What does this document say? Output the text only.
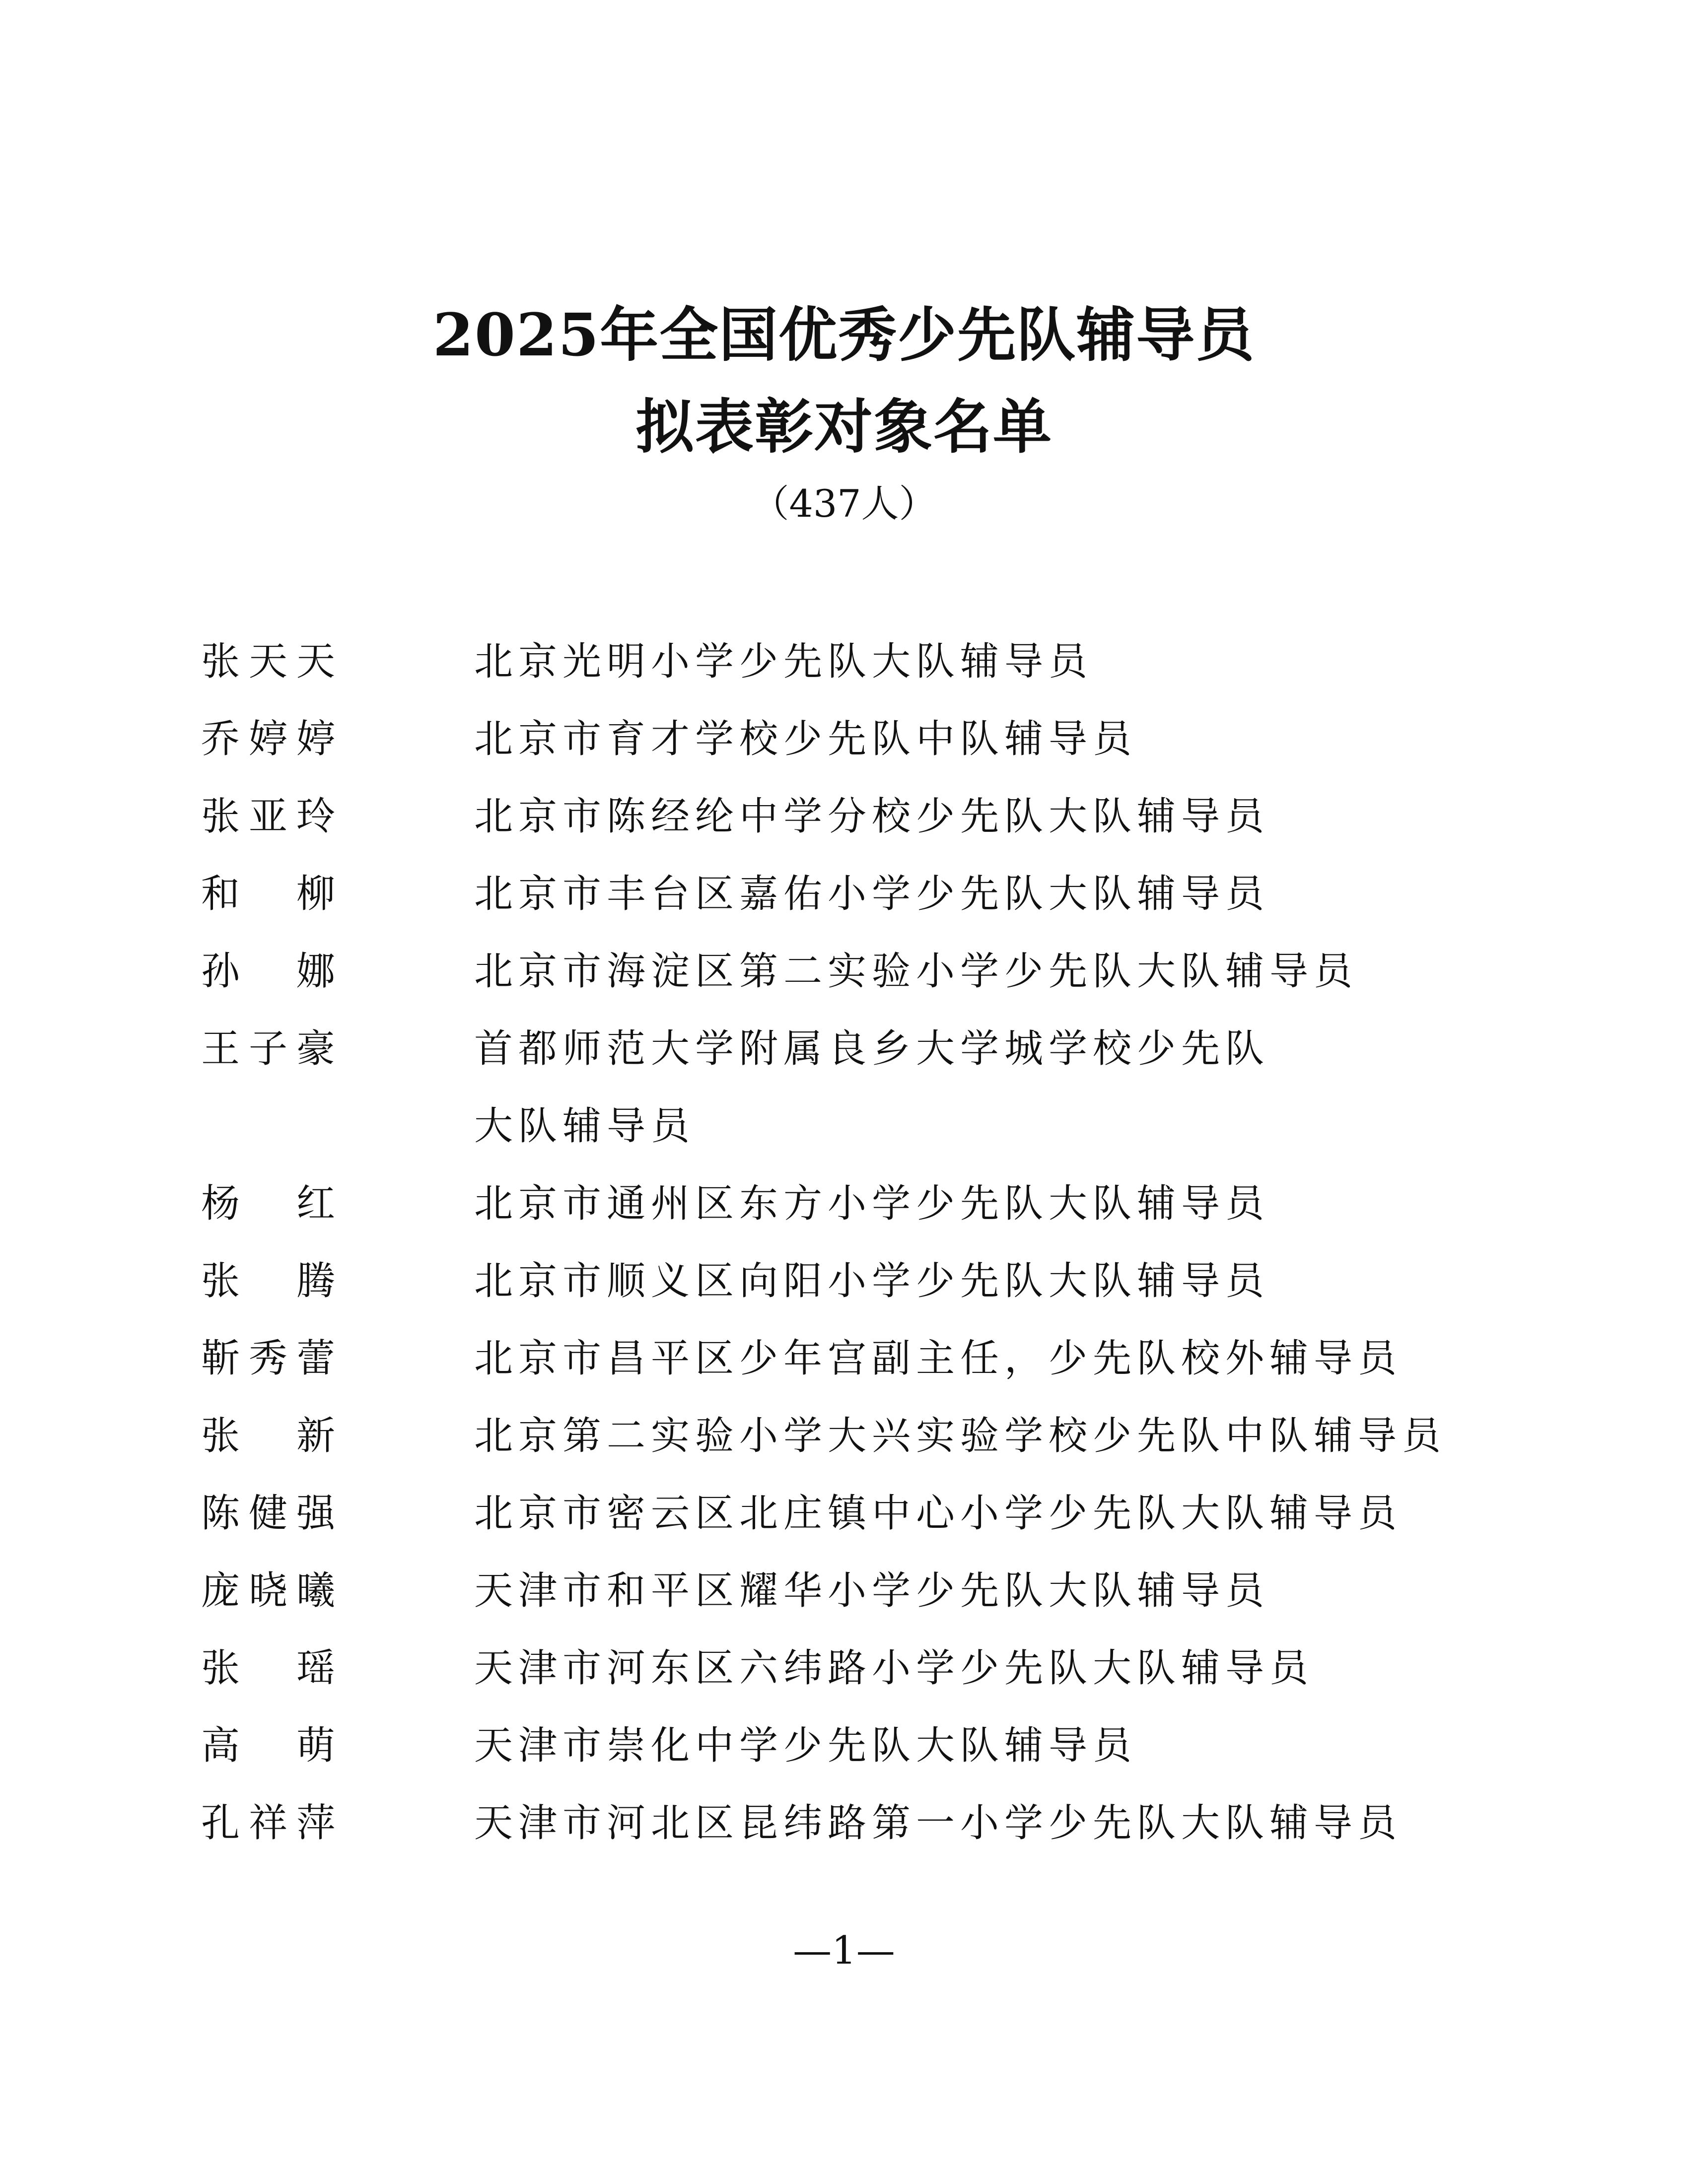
2025年全国优秀少先队辅导员
拟表彰对象名单
（437人）
张天天	北京光明小学少先队大队辅导员
乔婷婷	北京市育才学校少先队中队辅导员
张亚玲	北京市陈经纶中学分校少先队大队辅导员
和　柳	北京市丰台区嘉佑小学少先队大队辅导员
孙　娜	北京市海淀区第二实验小学少先队大队辅导员
王子豪	首都师范大学附属良乡大学城学校少先队大队辅导员
杨　红	北京市通州区东方小学少先队大队辅导员
张　腾	北京市顺义区向阳小学少先队大队辅导员
靳秀蕾	北京市昌平区少年宫副主任，少先队校外辅导员
张　新	北京第二实验小学大兴实验学校少先队中队辅导员
陈健强	北京市密云区北庄镇中心小学少先队大队辅导员
庞晓曦	天津市和平区耀华小学少先队大队辅导员
张　瑶	天津市河东区六纬路小学少先队大队辅导员
高　萌	天津市崇化中学少先队大队辅导员
孔祥萍	天津市河北区昆纬路第一小学少先队大队辅导员
—1—
